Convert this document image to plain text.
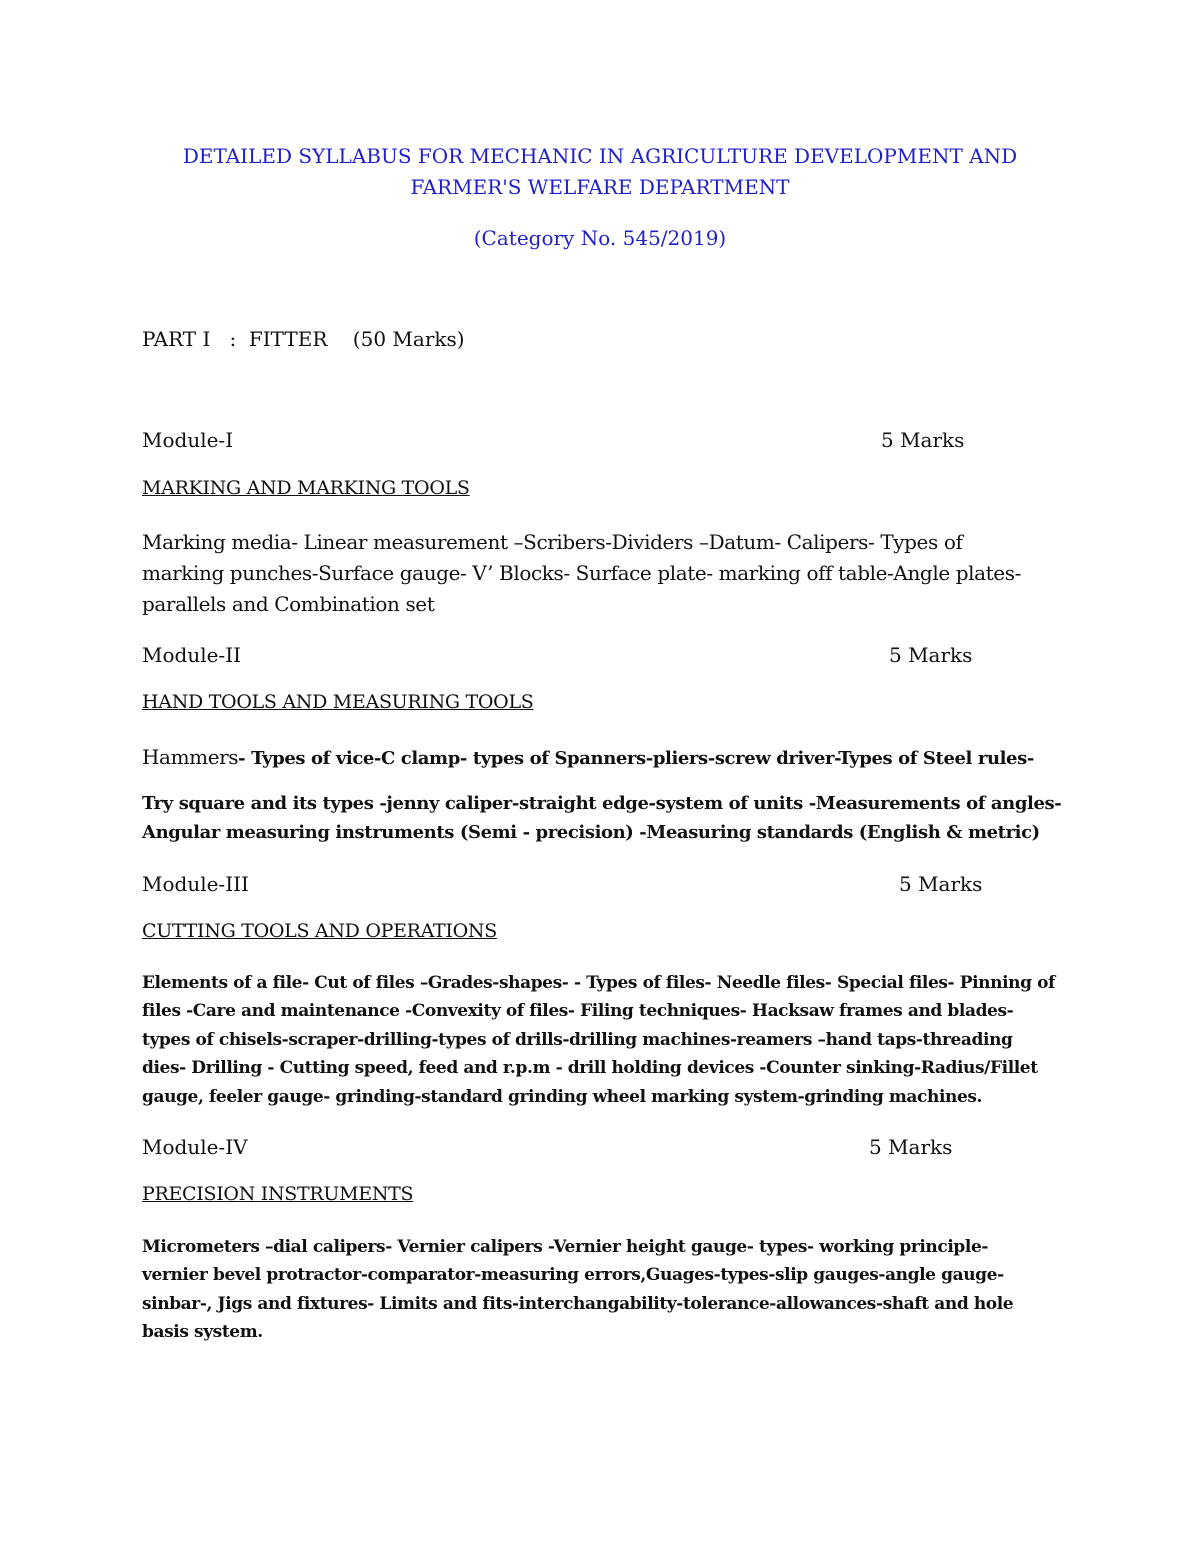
DETAILED SYLLABUS FOR MECHANIC IN AGRICULTURE DEVELOPMENT AND
FARMER'S WELFARE DEPARTMENT
(Category No. 545/2019)
PART I   :  FITTER    (50 Marks)
Module-I	5 Marks
MARKING AND MARKING TOOLS
Marking media- Linear measurement –Scribers-Dividers –Datum- Calipers- Types of
marking punches-Surface gauge- V’ Blocks- Surface plate- marking off table-Angle plates-
parallels and Combination set
Module-II	5 Marks
HAND TOOLS AND MEASURING TOOLS
Hammers- Types of vice-C clamp- types of Spanners-pliers-screw driver-Types of Steel rules-
Try square and its types -jenny caliper-straight edge-system of units -Measurements of angles-
Angular measuring instruments (Semi - precision) -Measuring standards (English & metric)
Module-III	5 Marks
CUTTING TOOLS AND OPERATIONS
Elements of a file- Cut of files –Grades-shapes- - Types of files- Needle files- Special files- Pinning of
files -Care and maintenance -Convexity of files- Filing techniques- Hacksaw frames and blades-
types of chisels-scraper-drilling-types of drills-drilling machines-reamers –hand taps-threading
dies- Drilling - Cutting speed, feed and r.p.m - drill holding devices -Counter sinking-Radius/Fillet
gauge, feeler gauge- grinding-standard grinding wheel marking system-grinding machines.
Module-IV	5 Marks
PRECISION INSTRUMENTS
Micrometers –dial calipers- Vernier calipers -Vernier height gauge- types- working principle-
vernier bevel protractor-comparator-measuring errors,Guages-types-slip gauges-angle gauge-
sinbar-, Jigs and fixtures- Limits and fits-interchangability-tolerance-allowances-shaft and hole
basis system.
